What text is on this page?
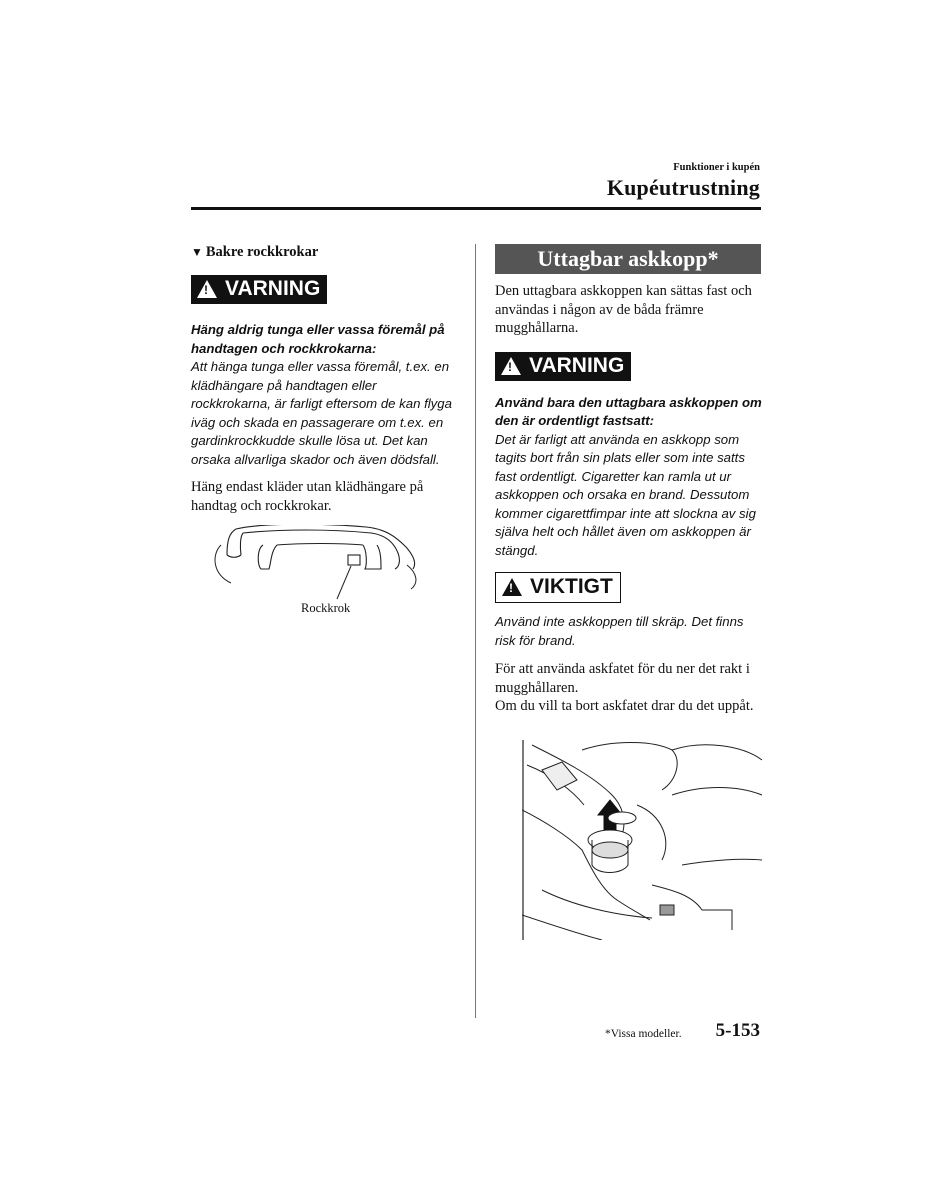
Funktioner i kupén
Kupéutrustning
▼ Bakre rockkrokar
! VARNING
Häng aldrig tunga eller vassa föremål på handtagen och rockkrokarna:
Att hänga tunga eller vassa föremål, t.ex. en klädhängare på handtagen eller rockkrokarna, är farligt eftersom de kan flyga iväg och skada en passagerare om t.ex. en gardinkrockkudde skulle lösa ut. Det kan orsaka allvarliga skador och även dödsfall.
Häng endast kläder utan klädhängare på handtag och rockkrokar.
Rockkrok
Uttagbar askkopp*
Den uttagbara askkoppen kan sättas fast och användas i någon av de båda främre mugghållarna.
! VARNING
Använd bara den uttagbara askkoppen om den är ordentligt fastsatt:
Det är farligt att använda en askkopp som tagits bort från sin plats eller som inte satts fast ordentligt. Cigaretter kan ramla ut ur askkoppen och orsaka en brand. Dessutom kommer cigarettfimpar inte att slockna av sig själva helt och hållet även om askkoppen är stängd.
! VIKTIGT
Använd inte askkoppen till skräp. Det finns risk för brand.
För att använda askfatet för du ner det rakt i mugghållaren.
Om du vill ta bort askfatet drar du det uppåt.
*Vissa modeller. 5-153
